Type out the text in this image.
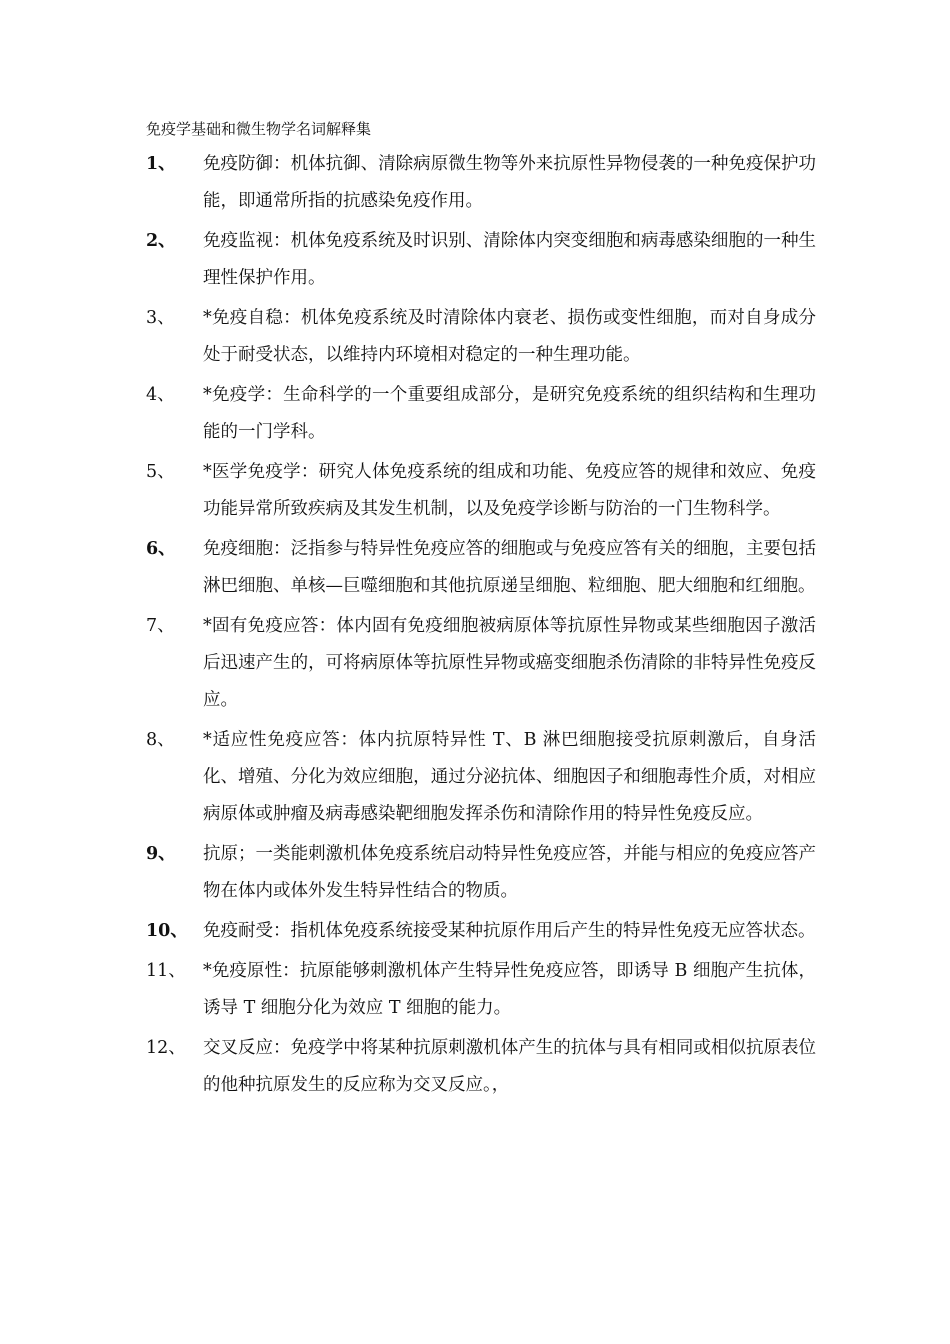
免疫学基础和微生物学名词解释集
1、	免疫防御：机体抗御、清除病原微生物等外来抗原性异物侵袭的一种免疫保护功能，即通常所指的抗感染免疫作用。
2、	免疫监视：机体免疫系统及时识别、清除体内突变细胞和病毒感染细胞的一种生理性保护作用。
3、	*免疫自稳：机体免疫系统及时清除体内衰老、损伤或变性细胞，而对自身成分处于耐受状态，以维持内环境相对稳定的一种生理功能。
4、	*免疫学：生命科学的一个重要组成部分，是研究免疫系统的组织结构和生理功能的一门学科。
5、	*医学免疫学：研究人体免疫系统的组成和功能、免疫应答的规律和效应、免疫功能异常所致疾病及其发生机制，以及免疫学诊断与防治的一门生物科学。
6、	免疫细胞：泛指参与特异性免疫应答的细胞或与免疫应答有关的细胞，主要包括淋巴细胞、单核—巨噬细胞和其他抗原递呈细胞、粒细胞、肥大细胞和红细胞。
7、	*固有免疫应答：体内固有免疫细胞被病原体等抗原性异物或某些细胞因子激活后迅速产生的，可将病原体等抗原性异物或癌变细胞杀伤清除的非特异性免疫反应。
8、	*适应性免疫应答：体内抗原特异性 T、B 淋巴细胞接受抗原刺激后，自身活化、增殖、分化为效应细胞，通过分泌抗体、细胞因子和细胞毒性介质，对相应病原体或肿瘤及病毒感染靶细胞发挥杀伤和清除作用的特异性免疫反应。
9、	抗原；一类能刺激机体免疫系统启动特异性免疫应答，并能与相应的免疫应答产物在体内或体外发生特异性结合的物质。
10、 免疫耐受：指机体免疫系统接受某种抗原作用后产生的特异性免疫无应答状态。
11、 *免疫原性：抗原能够刺激机体产生特异性免疫应答，即诱导 B 细胞产生抗体，诱导 T 细胞分化为效应 T 细胞的能力。
12、 交叉反应：免疫学中将某种抗原刺激机体产生的抗体与具有相同或相似抗原表位的他种抗原发生的反应称为交叉反应。，
